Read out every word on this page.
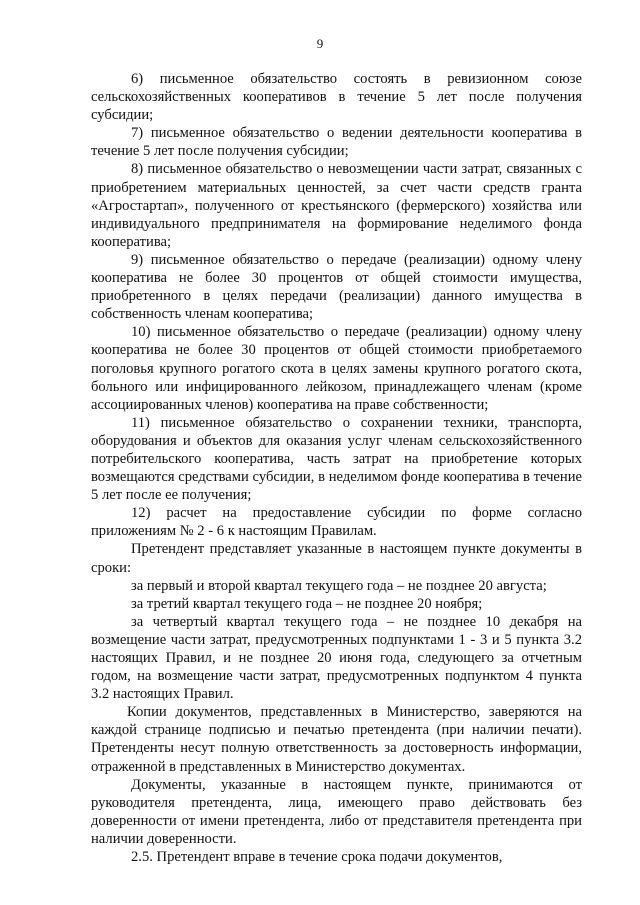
9

6) письменное обязательство состоять в ревизионном союзе сельскохозяйственных кооперативов в течение 5 лет после получения субсидии;

7) письменное обязательство о ведении деятельности кооператива в течение 5 лет после получения субсидии;

8) письменное обязательство о невозмещении части затрат, связанных с приобретением материальных ценностей, за счет части средств гранта «Агростартап», полученного от крестьянского (фермерского) хозяйства или индивидуального предпринимателя на формирование неделимого фонда кооператива;

9) письменное обязательство о передаче (реализации) одному члену кооператива не более 30 процентов от общей стоимости имущества, приобретенного в целях передачи (реализации) данного имущества в собственность членам кооператива;

10) письменное обязательство о передаче (реализации) одному члену кооператива не более 30 процентов от общей стоимости приобретаемого поголовья крупного рогатого скота в целях замены крупного рогатого скота, больного или инфицированного лейкозом, принадлежащего членам (кроме ассоциированных членов) кооператива на праве собственности;

11) письменное обязательство о сохранении техники, транспорта, оборудования и объектов для оказания услуг членам сельскохозяйственного потребительского кооператива, часть затрат на приобретение которых возмещаются средствами субсидии, в неделимом фонде кооператива в течение 5 лет после ее получения;

12) расчет на предоставление субсидии по форме согласно приложениям № 2 - 6 к настоящим Правилам.

Претендент представляет указанные в настоящем пункте документы в сроки:

за первый и второй квартал текущего года – не позднее 20 августа;

за третий квартал текущего года – не позднее 20 ноября;

за четвертый квартал текущего года – не позднее 10 декабря на возмещение части затрат, предусмотренных подпунктами 1 - 3 и 5 пункта 3.2 настоящих Правил, и не позднее 20 июня года, следующего за отчетным годом, на возмещение части затрат, предусмотренных подпунктом 4 пункта 3.2 настоящих Правил.

Копии документов, представленных в Министерство, заверяются на каждой странице подписью и печатью претендента (при наличии печати). Претенденты несут полную ответственность за достоверность информации, отраженной в представленных в Министерство документах.

Документы, указанные в настоящем пункте, принимаются от руководителя претендента, лица, имеющего право действовать без доверенности от имени претендента, либо от представителя претендента при наличии доверенности.

2.5. Претендент вправе в течение срока подачи документов,
